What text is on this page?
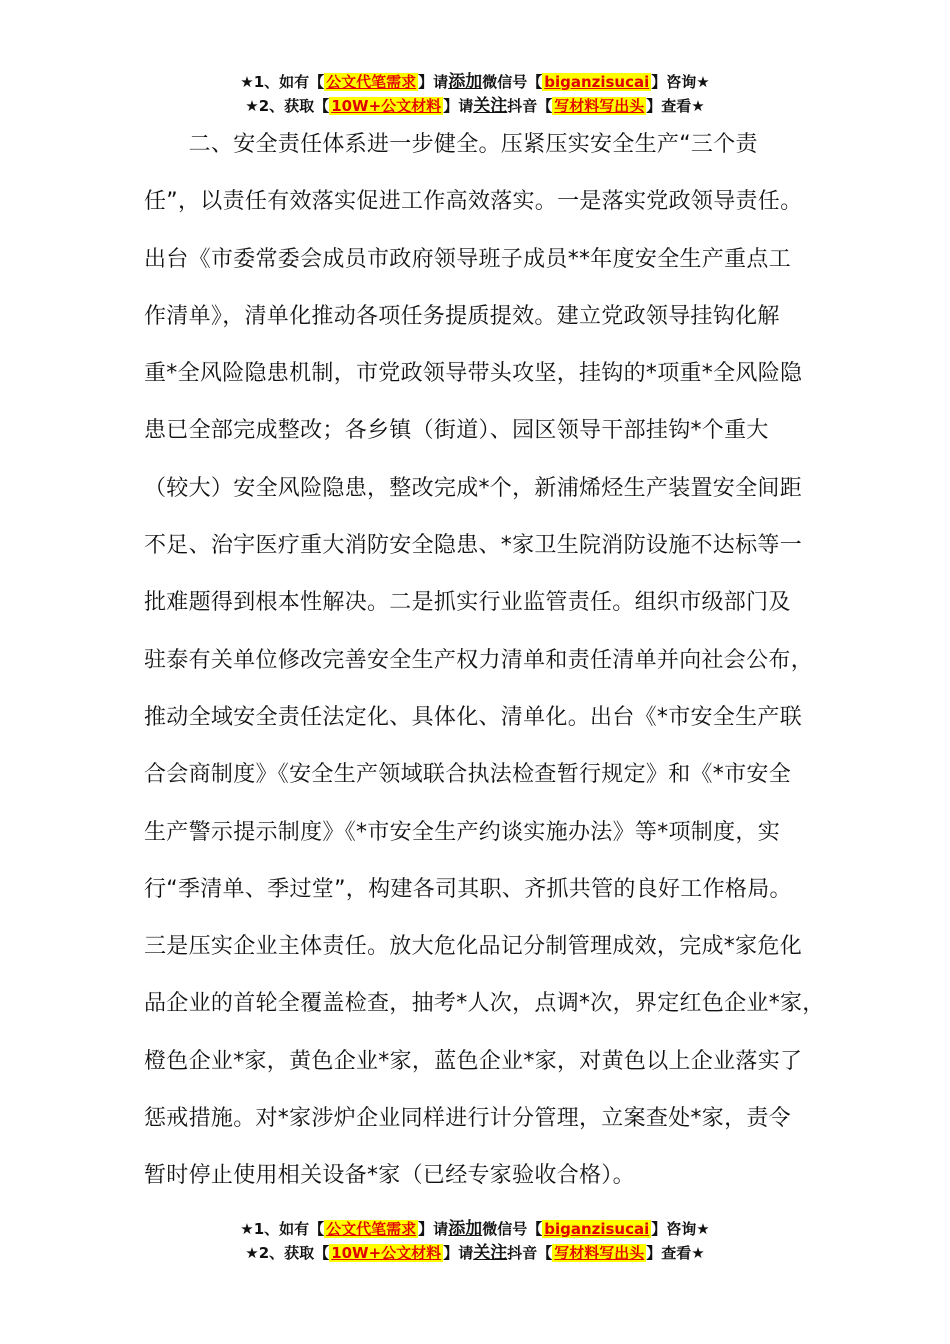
★1、如有【 公文代笔需求 】请添加微信号【 biganzisucai 】咨询★
★2、获取【 10W+公文材料 】请关注抖音【 写材料写出头 】查看★
　　二、安全责任体系进一步健全。压紧压实安全生产“三个责
任”，以责任有效落实促进工作高效落实。一是落实党政领导责任。
出台《市委常委会成员市政府领导班子成员**年度安全生产重点工
作清单》，清单化推动各项任务提质提效。建立党政领导挂钩化解
重*全风险隐患机制，市党政领导带头攻坚，挂钩的*项重*全风险隐
患已全部完成整改；各乡镇（街道）、园区领导干部挂钩*个重大
（较大）安全风险隐患，整改完成*个，新浦烯烃生产装置安全间距
不足、治宇医疗重大消防安全隐患、*家卫生院消防设施不达标等一
批难题得到根本性解决。二是抓实行业监管责任。组织市级部门及
驻泰有关单位修改完善安全生产权力清单和责任清单并向社会公布，
推动全域安全责任法定化、具体化、清单化。出台《*市安全生产联
合会商制度》《安全生产领域联合执法检查暂行规定》和《*市安全
生产警示提示制度》《*市安全生产约谈实施办法》等*项制度，实
行“季清单、季过堂”，构建各司其职、齐抓共管的良好工作格局。
三是压实企业主体责任。放大危化品记分制管理成效，完成*家危化
品企业的首轮全覆盖检查，抽考*人次，点调*次，界定红色企业*家，
橙色企业*家，黄色企业*家，蓝色企业*家，对黄色以上企业落实了
惩戒措施。对*家涉炉企业同样进行计分管理，立案查处*家，责令
暂时停止使用相关设备*家（已经专家验收合格）。
★1、如有【 公文代笔需求 】请添加微信号【 biganzisucai 】咨询★
★2、获取【 10W+公文材料 】请关注抖音【 写材料写出头 】查看★
